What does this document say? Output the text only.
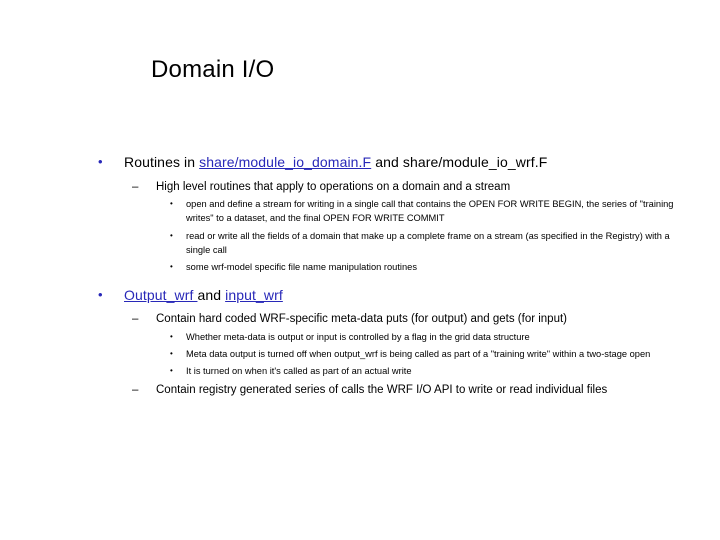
Domain I/O
• Routines in share/module_io_domain.F and share/module_io_wrf.F
– High level routines that apply to operations on a domain and a stream
• open and define a stream for writing in a single call that contains the OPEN FOR WRITE BEGIN, the series of "training writes" to a dataset, and the final OPEN FOR WRITE COMMIT
• read or write all the fields of a domain that make up a complete frame on a stream (as specified in the Registry) with a single call
• some wrf-model specific file name manipulation routines
• Output_wrf and input_wrf
– Contain hard coded WRF-specific meta-data puts (for output) and gets (for input)
• Whether meta-data is output or input is controlled by a flag in the grid data structure
• Meta data output is turned off when output_wrf is being called as part of a "training write" within a two-stage open
• It is turned on when it's called as part of an actual write
– Contain registry generated series of calls the WRF I/O API to write or read individual files
